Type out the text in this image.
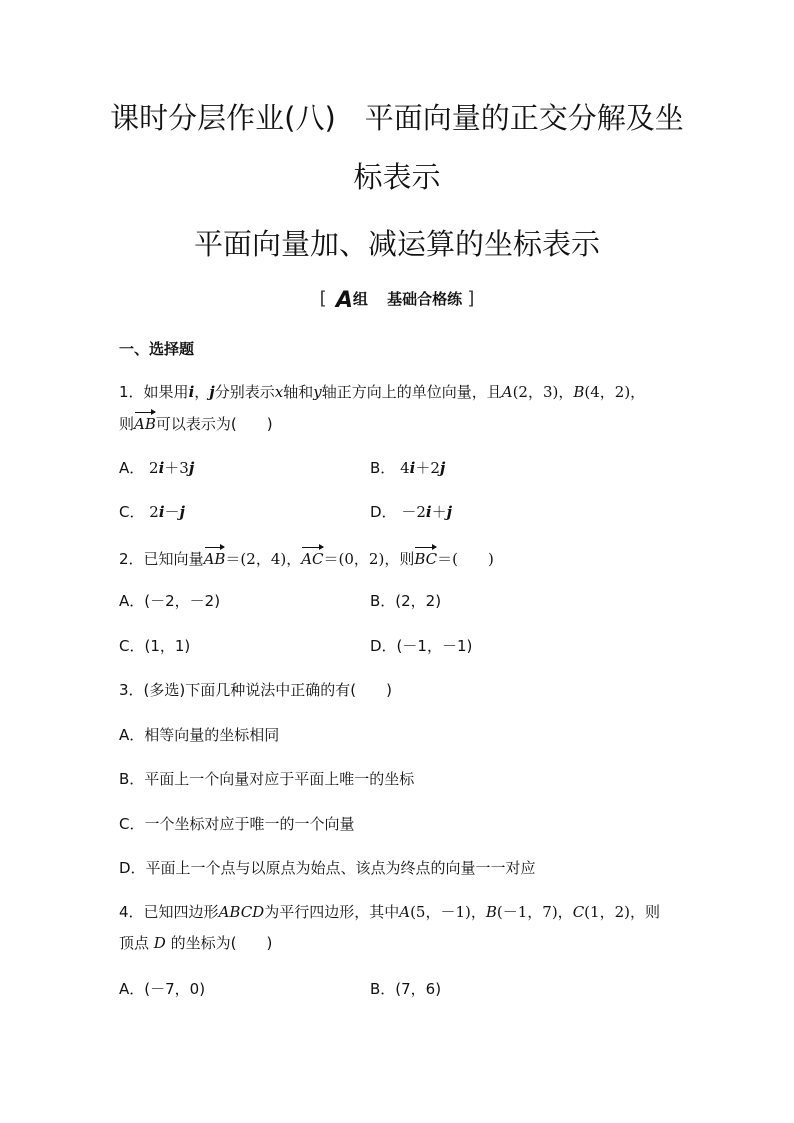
课时分层作业(八)　平面向量的正交分解及坐
标表示
平面向量加、减运算的坐标表示
[ A组 基础合格练 ]
一、选择题
1．如果用i，j分别表示x轴和y轴正方向上的单位向量，且A(2，3)，B(4，2)，
则AB可以表示为(　　)
A． 2i＋3j	B． 4i＋2j
C． 2i－j	D． －2i＋j
2．已知向量AB＝(2，4)，AC＝(0，2)，则BC＝(　　)
A．(－2，－2)	B．(2，2)
C．(1，1)	D．(－1，－1)
3．(多选)下面几种说法中正确的有(　　)
A．相等向量的坐标相同
B．平面上一个向量对应于平面上唯一的坐标
C．一个坐标对应于唯一的一个向量
D．平面上一个点与以原点为始点、该点为终点的向量一一对应
4．已知四边形ABCD为平行四边形，其中A(5，－1)，B(－1，7)，C(1，2)，则
顶点 D 的坐标为(　　)
A．(－7，0)	B．(7，6)
